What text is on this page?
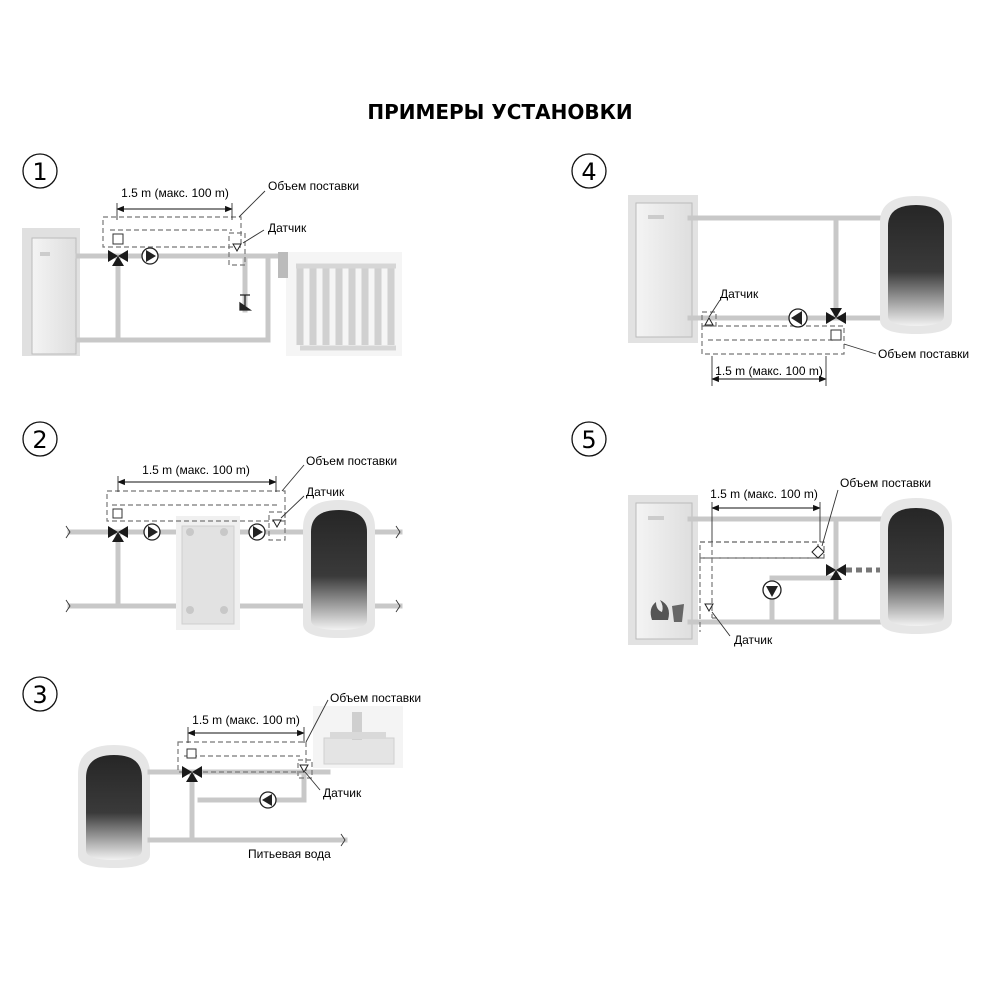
ПРИМЕРЫ УСТАНОВКИ
1
1.5 m (макс. 100 m)	Объем поставки
Датчик
2
1.5 m (макс. 100 m)
Объем поставки
Датчик
3
1.5 m (макс. 100 m)
Объем поставки
Датчик
Питьевая вода
4
1.5 m (макс. 100 m)
Датчик
Объем поставки
5
1.5 m (макс. 100 m)
Объем поставки
Датчик
